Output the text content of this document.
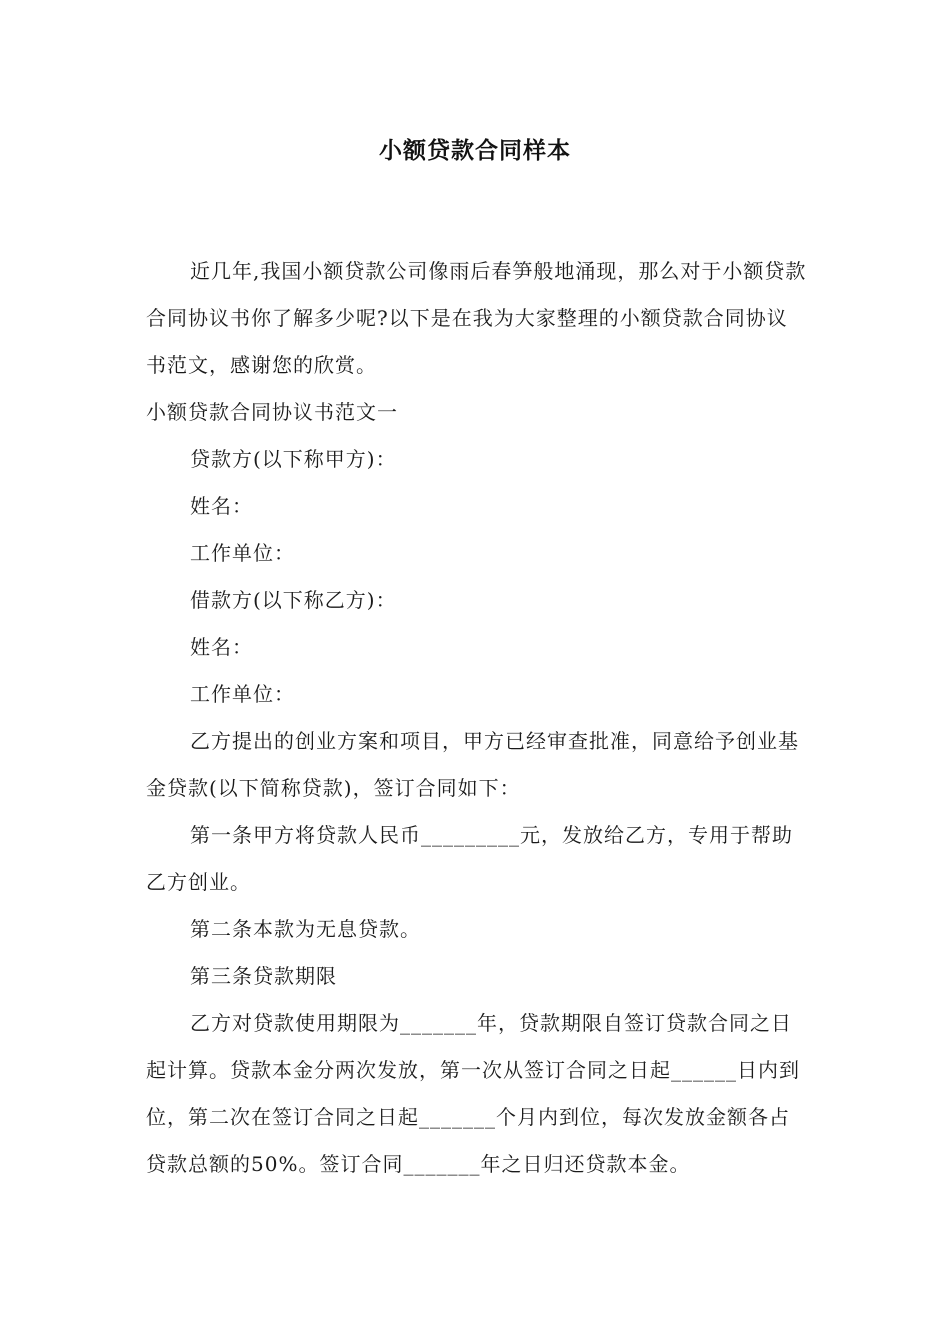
小额贷款合同样本

近几年,我国小额贷款公司像雨后春笋般地涌现，那么对于小额贷款合同协议书你了解多少呢?以下是在我为大家整理的小额贷款合同协议书范文，感谢您的欣赏。

小额贷款合同协议书范文一

贷款方(以下称甲方)：

姓名：

工作单位：

借款方(以下称乙方)：

姓名：

工作单位：

乙方提出的创业方案和项目，甲方已经审查批准，同意给予创业基金贷款(以下简称贷款)，签订合同如下：

第一条甲方将贷款人民币_________元，发放给乙方，专用于帮助乙方创业。

第二条本款为无息贷款。

第三条贷款期限

乙方对贷款使用期限为_______年，贷款期限自签订贷款合同之日起计算。贷款本金分两次发放，第一次从签订合同之日起______日内到位，第二次在签订合同之日起_______个月内到位，每次发放金额各占贷款总额的50%。签订合同_______年之日归还贷款本金。
